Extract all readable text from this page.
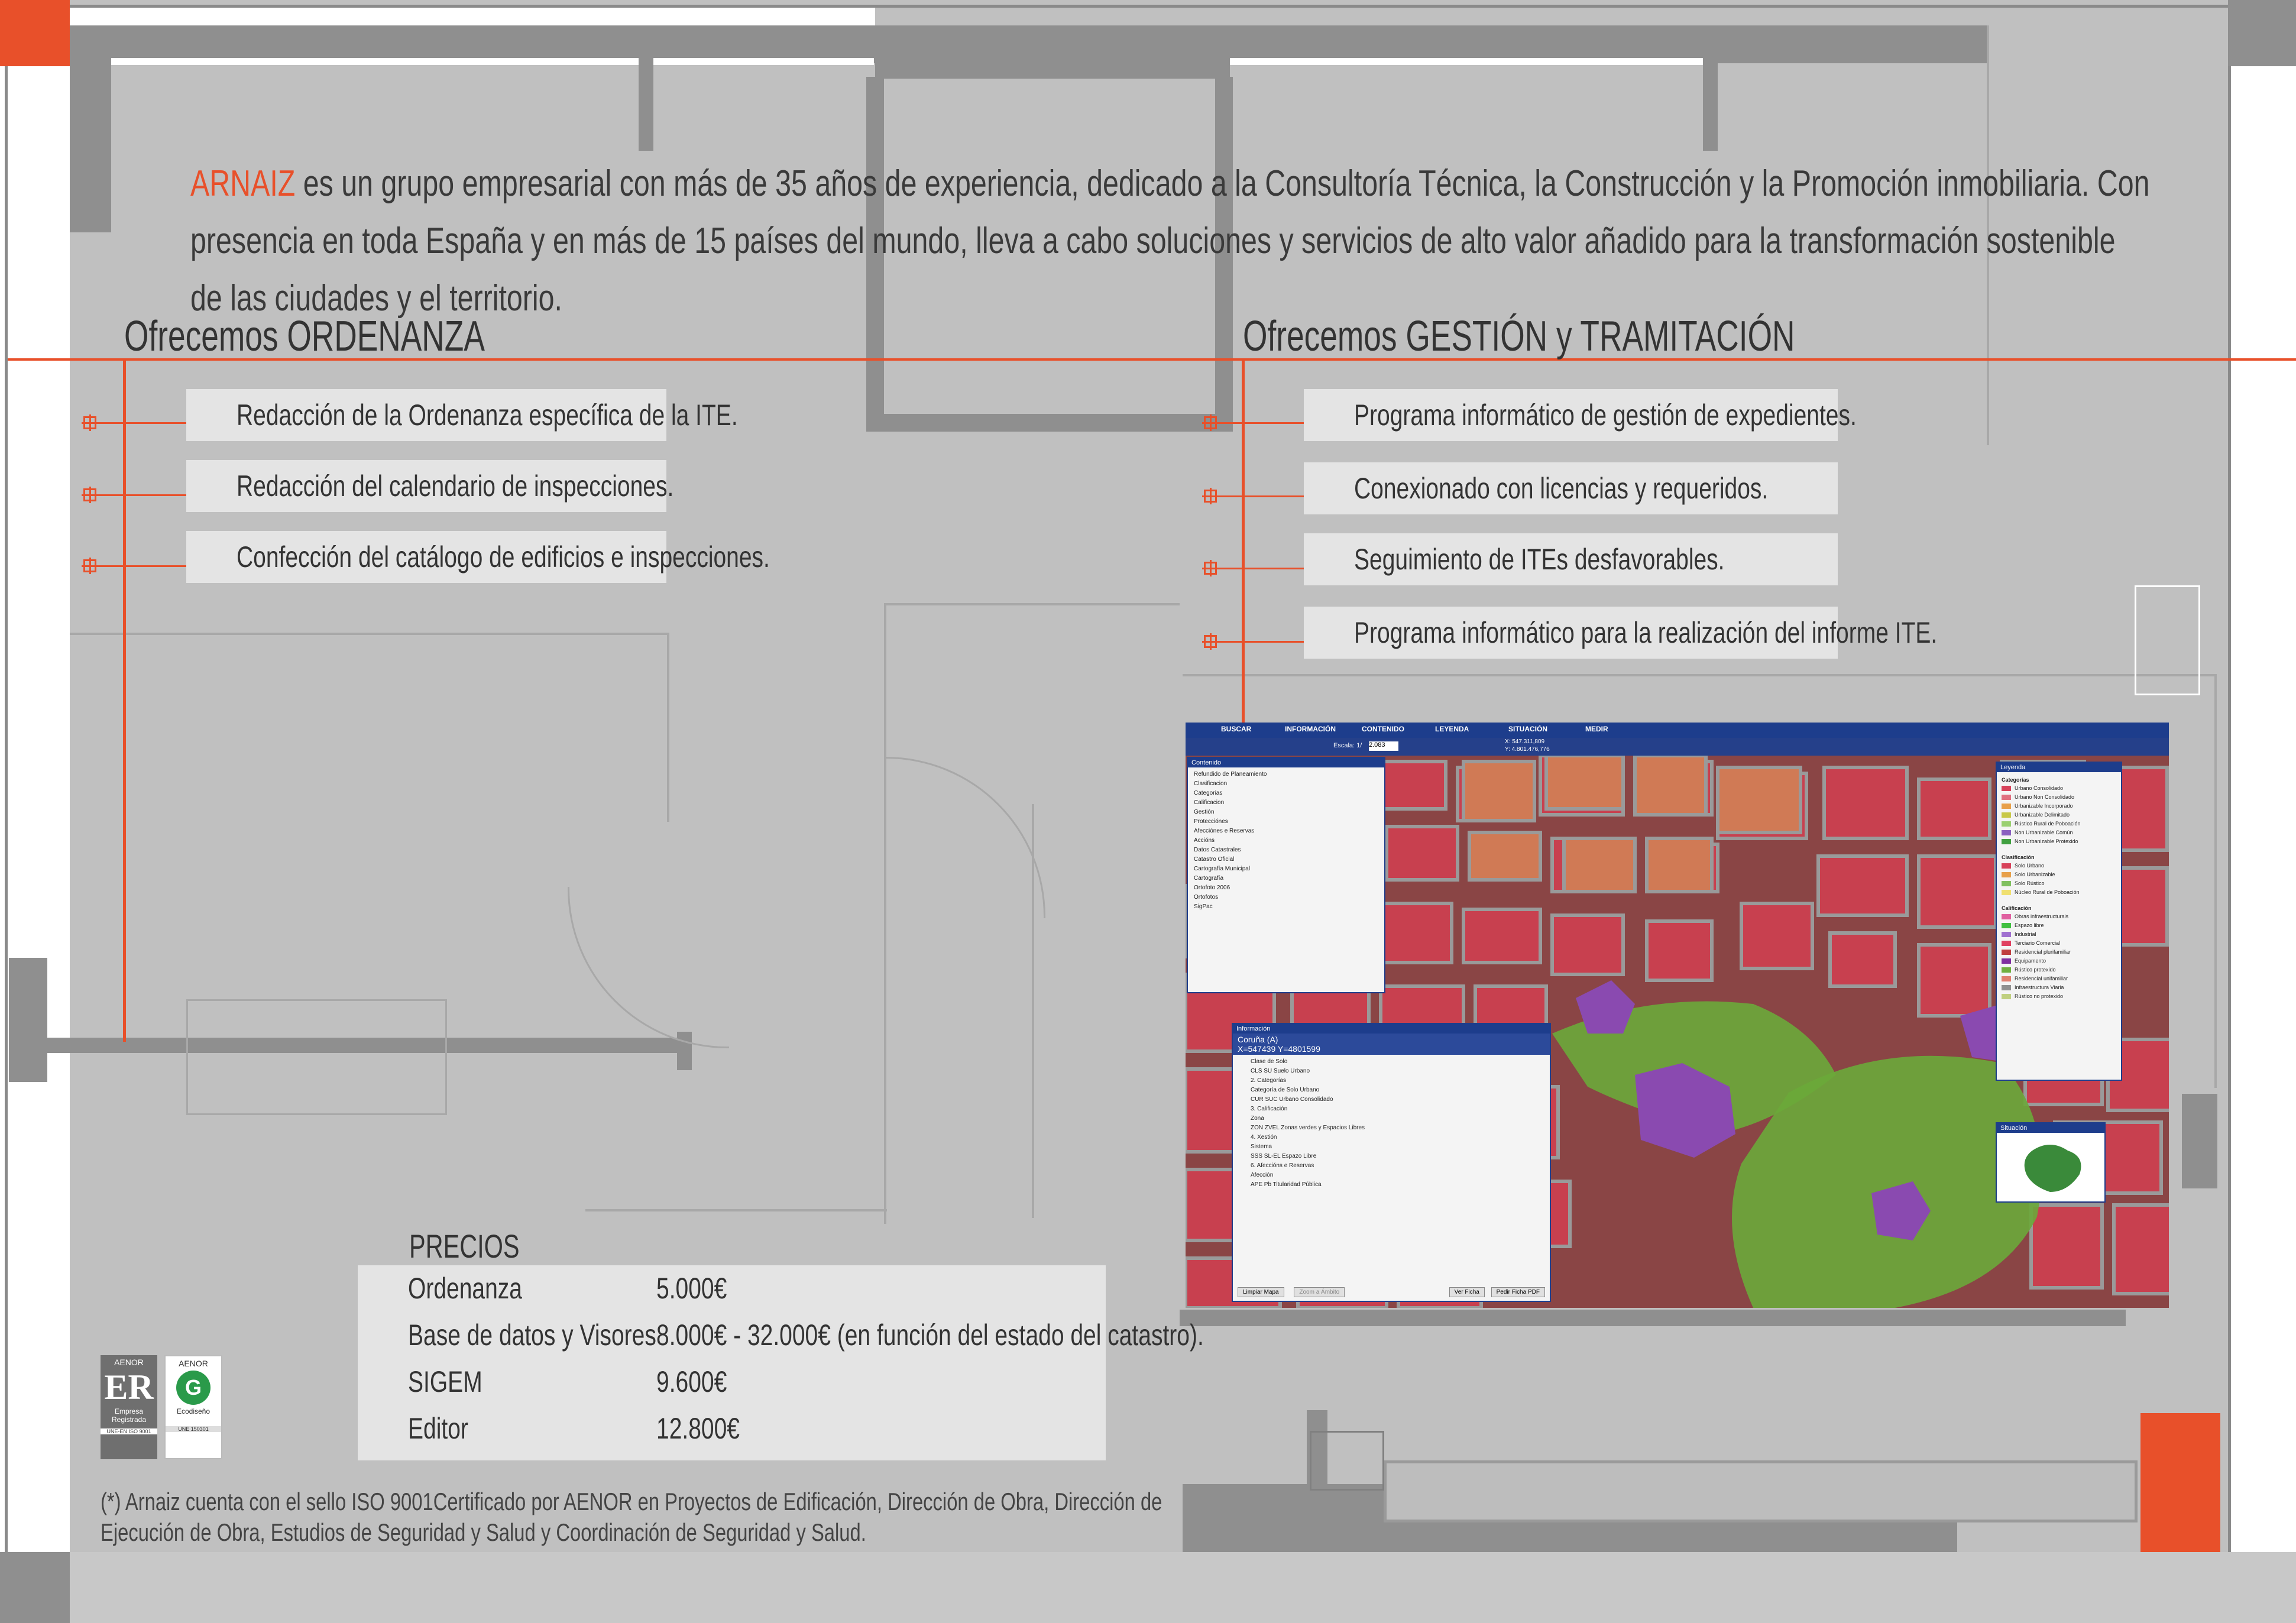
ARNAIZ es un grupo empresarial con más de 35 años de experiencia, dedicado a la Consultoría Técnica, la Construcción y la Promoción inmobiliaria. Con presencia en toda España y en más de 15 países del mundo, lleva a cabo soluciones y servicios de alto valor añadido para la transformación sostenible de las ciudades y el territorio.
Ofrecemos ORDENANZA
Redacción de la Ordenanza específica de la ITE.
Redacción del calendario de inspecciones.
Confección del catálogo de edificios e inspecciones.
Ofrecemos GESTIÓN y TRAMITACIÓN
Programa informático de gestión de expedientes.
Conexionado con licencias y requeridos.
Seguimiento de ITEs desfavorables.
Programa informático para la realización del informe ITE.
BUSCAR	INFORMACIÓN	CONTENIDO	LEYENDA	SITUACIÓN	MEDIR
Escala: 1/ 2.083	X: 547.311,809
Y: 4.801.476,776
Contenido
Refundido de Planeamiento
Clasificacion
Categorias
Calificacion
Gestión
Protecciónes
Afecciónes e Reservas
Accións
Datos Catastrales
Catastro Oficial
Cartografía Municipal
Cartografía
Ortofoto 2006
Ortofotos
SigPac
Información
Coruña (A)
X=547439 Y=4801599
Clase de Solo
CLS SU Suelo Urbano
2. Categorías
Categoría de Solo Urbano
CUR SUC Urbano Consolidado
3. Calificación
Zona
ZON ZVEL Zonas verdes y Espacios Libres
4. Xestión
Sistema
SSS SL-EL Espazo Libre
6. Afeccións e Reservas
Afección
APE Pb Titularidad Pública
Limpiar Mapa	Zoom a Ámbito	Ver Ficha	Pedir Ficha PDF
Leyenda
Categorías
Urbano Consolidado
Urbano Non Consolidado
Urbanizable Incorporado
Urbanizable Delimitado
Rústico Rural de Poboación
Non Urbanizable Común
Non Urbanizable Protexido
Clasificación
Solo Urbano
Solo Urbanizable
Solo Rústico
Núcleo Rural de Poboación
Calificación
Obras infraestructurais
Espazo libre
Industrial
Terciario Comercial
Residencial plurifamiliar
Equipamento
Rústico protexido
Residencial unifamiliar
Infraestructura Viaria
Rústico no protexido
Situación
PRECIOS
Ordenanza	5.000€
Base de datos y Visores 8.000€ - 32.000€ (en función del estado del catastro).
SIGEM	9.600€
Editor	12.800€
AENOR
ER
Empresa
Registrada
UNE-EN ISO 9001
AENOR
G
Ecodiseño
UNE 150301
(*) Arnaiz cuenta con el sello ISO 9001Certificado por AENOR en Proyectos de Edificación, Dirección de Obra, Dirección de Ejecución de Obra, Estudios de Seguridad y Salud y Coordinación de Seguridad y Salud.
